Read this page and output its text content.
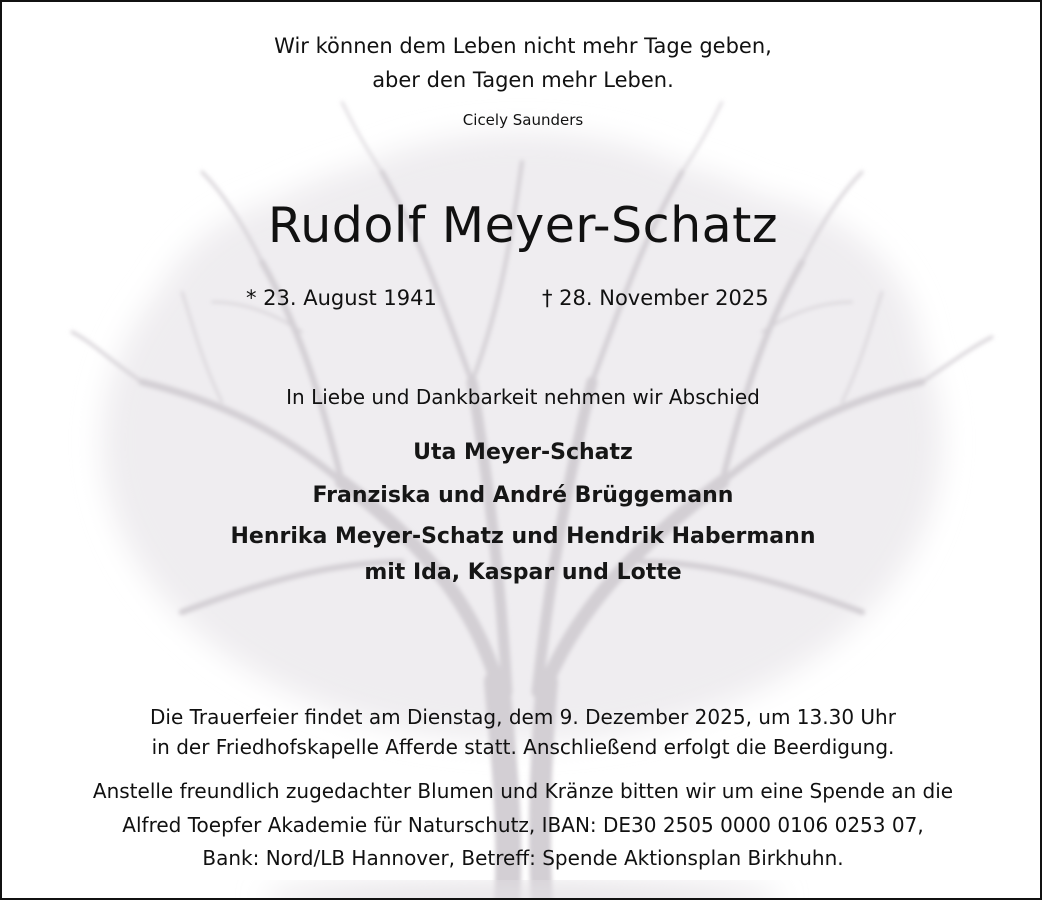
Wir können dem Leben nicht mehr Tage geben,
aber den Tagen mehr Leben.
Cicely Saunders
Rudolf Meyer-Schatz
* 23. August 1941	† 28. November 2025
In Liebe und Dankbarkeit nehmen wir Abschied
Uta Meyer-Schatz
Franziska und André Brüggemann
Henrika Meyer-Schatz und Hendrik Habermann
mit Ida, Kaspar und Lotte
Die Trauerfeier findet am Dienstag, dem 9. Dezember 2025, um 13.30 Uhr
in der Friedhofskapelle Afferde statt. Anschließend erfolgt die Beerdigung.
Anstelle freundlich zugedachter Blumen und Kränze bitten wir um eine Spende an die
Alfred Toepfer Akademie für Naturschutz, IBAN: DE30 2505 0000 0106 0253 07,
Bank: Nord/LB Hannover, Betreff: Spende Aktionsplan Birkhuhn.
